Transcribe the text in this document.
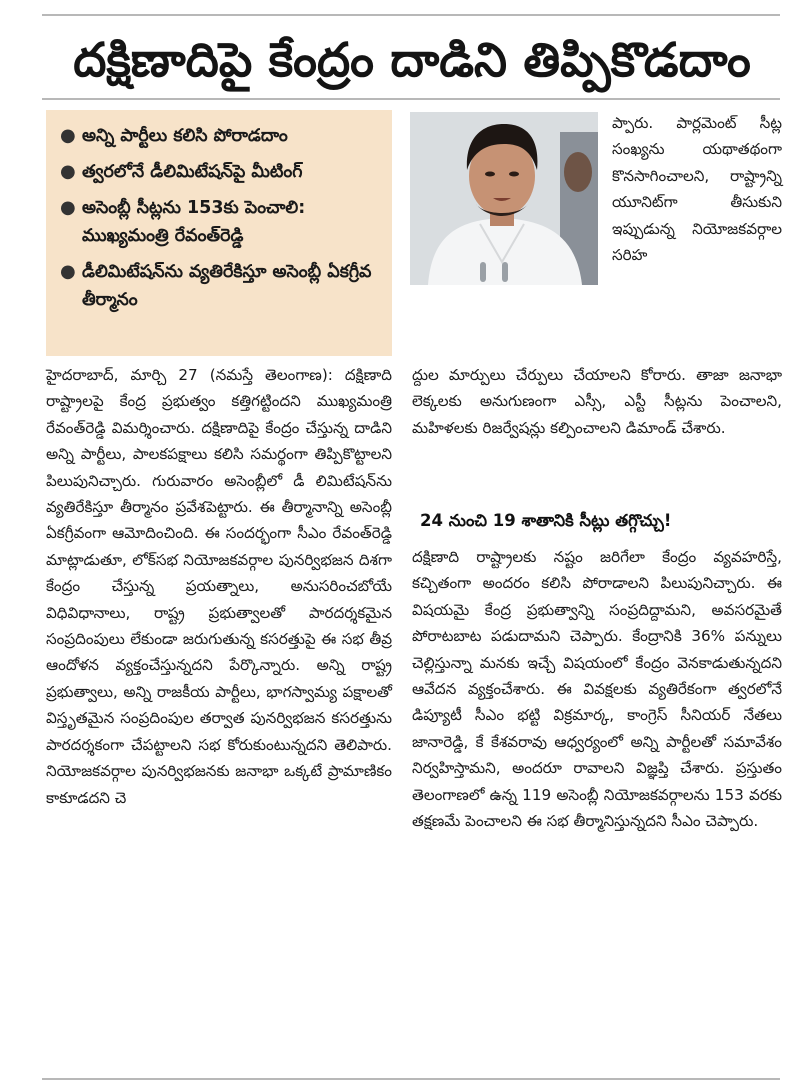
దక్షిణాదిపై కేంద్రం దాడిని తిప్పికొడదాం
● అన్ని పార్టీలు కలిసి పోరాడదాం
● త్వరలోనే డీలిమిటేషన్‌పై మీటింగ్
● అసెంబ్లీ సీట్లను 153కు పెంచాలి: ముఖ్యమంత్రి రేవంత్‌రెడ్డి
● డీలిమిటేషన్‌ను వ్యతిరేకిస్తూ అసెంబ్లీ ఏకగ్రీవ తీర్మానం

ప్పారు. పార్లమెంట్ సీట్ల సంఖ్యను యథాతథంగా కొనసాగించాలని, రాష్ట్రాన్ని యూనిట్‌గా తీసుకుని ఇప్పుడున్న నియోజకవర్గాల సరిహ

హైదరాబాద్, మార్చి 27 (నమస్తే తెలంగాణ): దక్షిణాది రాష్ట్రాలపై కేంద్ర ప్రభుత్వం కత్తిగట్టిందని ముఖ్యమంత్రి రేవంత్‌రెడ్డి విమర్శించారు. దక్షిణాదిపై కేంద్రం చేస్తున్న దాడిని అన్ని పార్టీలు, పాలకపక్షాలు కలిసి సమర్థంగా తిప్పికొట్టాలని పిలుపునిచ్చారు. గురువారం అసెంబ్లీలో డీ లిమిటేషన్‌ను వ్యతిరేకిస్తూ తీర్మానం ప్రవేశపెట్టారు. ఈ తీర్మానాన్ని అసెంబ్లీ ఏకగ్రీవంగా ఆమోదించింది. ఈ సందర్భంగా సీఎం రేవంత్‌రెడ్డి మాట్లాడుతూ, లోక్‌సభ నియోజకవర్గాల పునర్విభజన దిశగా కేంద్రం చేస్తున్న ప్రయత్నాలు, అనుసరించబోయే విధివిధానాలు, రాష్ట్ర ప్రభుత్వాలతో పారదర్శకమైన సంప్రదింపులు లేకుండా జరుగుతున్న కసరత్తుపై ఈ సభ తీవ్ర ఆందోళన వ్యక్తంచేస్తున్నదని పేర్కొన్నారు. అన్ని రాష్ట్ర ప్రభుత్వాలు, అన్ని రాజకీయ పార్టీలు, భాగస్వామ్య పక్షాలతో విస్తృతమైన సంప్రదింపుల తర్వాత పునర్విభజన కసరత్తును పారదర్శకంగా చేపట్టాలని సభ కోరుకుంటున్నదని తెలిపారు. నియోజకవర్గాల పునర్విభజనకు జనాభా ఒక్కటే ప్రామాణికం కాకూడదని చె

ద్దుల మార్పులు చేర్పులు చేయాలని కోరారు. తాజా జనాభా లెక్కలకు అనుగుణంగా ఎస్సీ, ఎస్టీ సీట్లను పెంచాలని, మహిళలకు రిజర్వేషన్లు కల్పించాలని డిమాండ్ చేశారు.

24 నుంచి 19 శాతానికి సీట్లు తగ్గొచ్చు!

దక్షిణాది రాష్ట్రాలకు నష్టం జరిగేలా కేంద్రం వ్యవహరిస్తే, కచ్చితంగా అందరం కలిసి పోరాడాలని పిలుపునిచ్చారు. ఈ విషయమై కేంద్ర ప్రభుత్వాన్ని సంప్రదిద్దామని, అవసరమైతే పోరాటబాట పడుదామని చెప్పారు. కేంద్రానికి 36% పన్నులు చెల్లిస్తున్నా మనకు ఇచ్చే విషయంలో కేంద్రం వెనకాడుతున్నదని ఆవేదన వ్యక్తంచేశారు. ఈ వివక్షలకు వ్యతిరేకంగా త్వరలోనే డిప్యూటీ సీఎం భట్టి విక్రమార్క, కాంగ్రెస్ సీనియర్ నేతలు జానారెడ్డి, కే కేశవరావు ఆధ్వర్యంలో అన్ని పార్టీలతో సమావేశం నిర్వహిస్తామని, అందరూ రావాలని విజ్ఞప్తి చేశారు. ప్రస్తుతం తెలంగాణలో ఉన్న 119 అసెంబ్లీ నియోజకవర్గాలను 153 వరకు తక్షణమే పెంచాలని ఈ సభ తీర్మానిస్తున్నదని సీఎం చెప్పారు.
